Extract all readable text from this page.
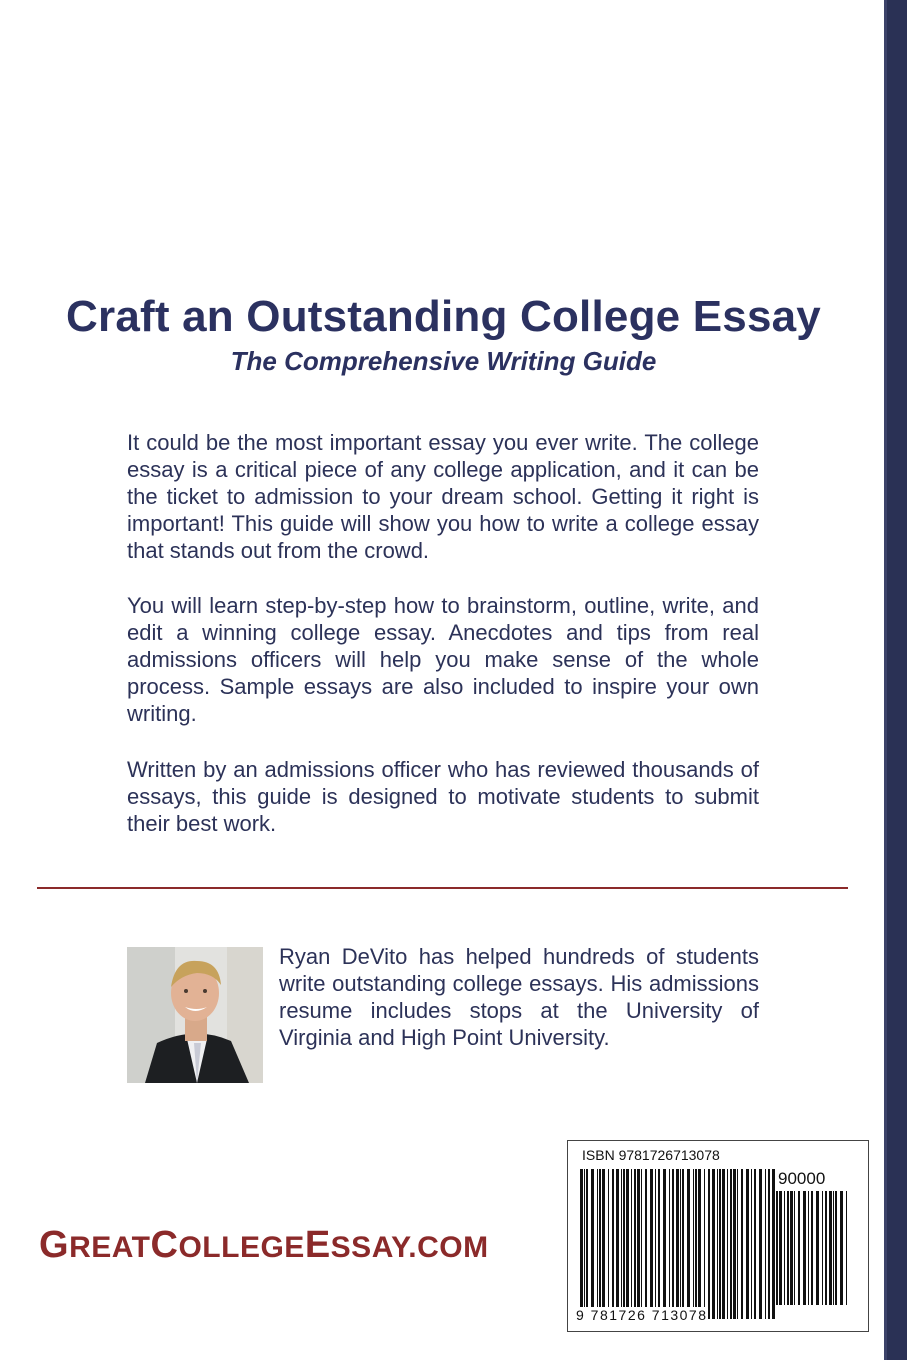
Craft an Outstanding College Essay
The Comprehensive Writing Guide

It could be the most important essay you ever write. The college essay is a critical piece of any college application, and it can be the ticket to admission to your dream school. Getting it right is important! This guide will show you how to write a college essay that stands out from the crowd.

You will learn step-by-step how to brainstorm, outline, write, and edit a winning college essay. Anecdotes and tips from real admissions officers will help you make sense of the whole process. Sample essays are also included to inspire your own writing.

Written by an admissions officer who has reviewed thousands of essays, this guide is designed to motivate students to submit their best work.

Ryan DeVito has helped hundreds of students write outstanding college essays. His admissions resume includes stops at the University of Virginia and High Point University.

GREATCOLLEGEESSAY.COM
ISBN 9781726713078
90000
9 781726 713078
